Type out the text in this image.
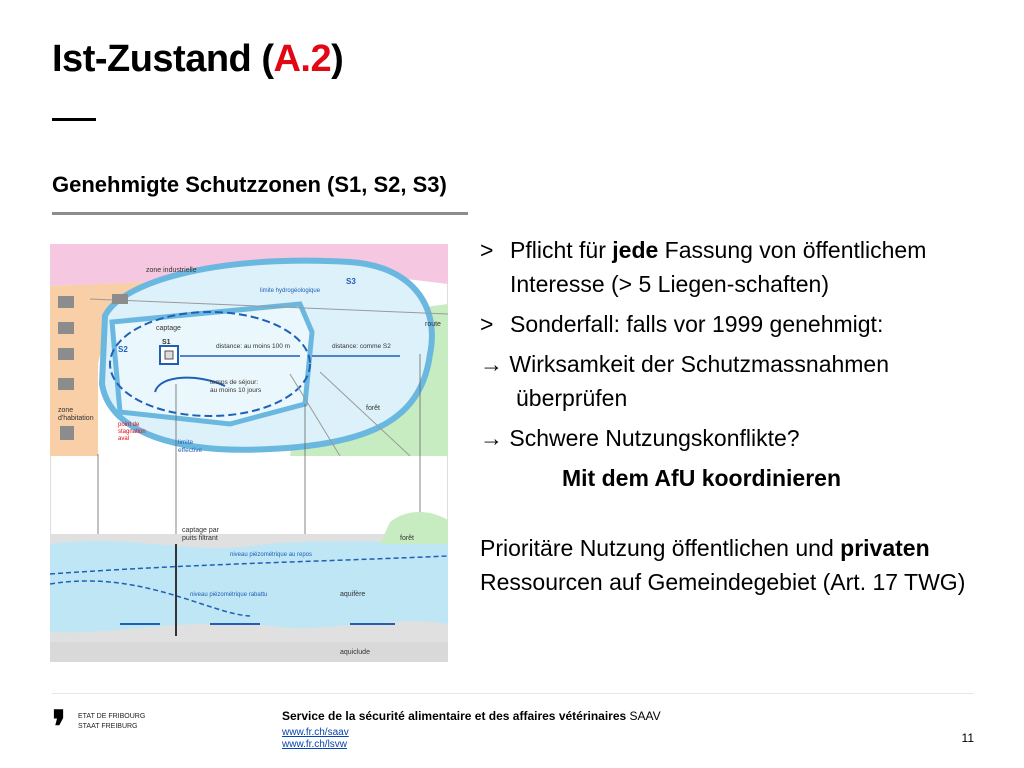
Ist-Zustand (A.2)
Genehmigte Schutzzonen (S1, S2, S3)
zone industrielle
limite hydrogéologique
S3
route
captage
S1
S2	distance: au moins 100 m	distance: comme S2
temps de séjour:
au moins 10 jours
forêt
zone
d'habitation
point de
stagnation
aval	limite
effective
captage par
puits filtrant	forêt
niveau piézométrique au repos
niveau piézométrique rabattu	aquifère
aquiclude
> Pflicht für jede Fassung von öffentlichem Interesse (> 5 Liegen-schaften)
> Sonderfall: falls vor 1999 genehmigt:
→ Wirksamkeit der Schutzmassnahmen
überprüfen
→ Schwere Nutzungskonflikte?
Mit dem AfU koordinieren
Prioritäre Nutzung öffentlichen und privaten Ressourcen auf Gemeindegebiet (Art. 17 TWG)
❜ ETAT DE FRIBOURG
STAAT FREIBURG
Service de la sécurité alimentaire et des affaires vétérinaires SAAV
www.fr.ch/saav
www.fr.ch/lsvw	11
